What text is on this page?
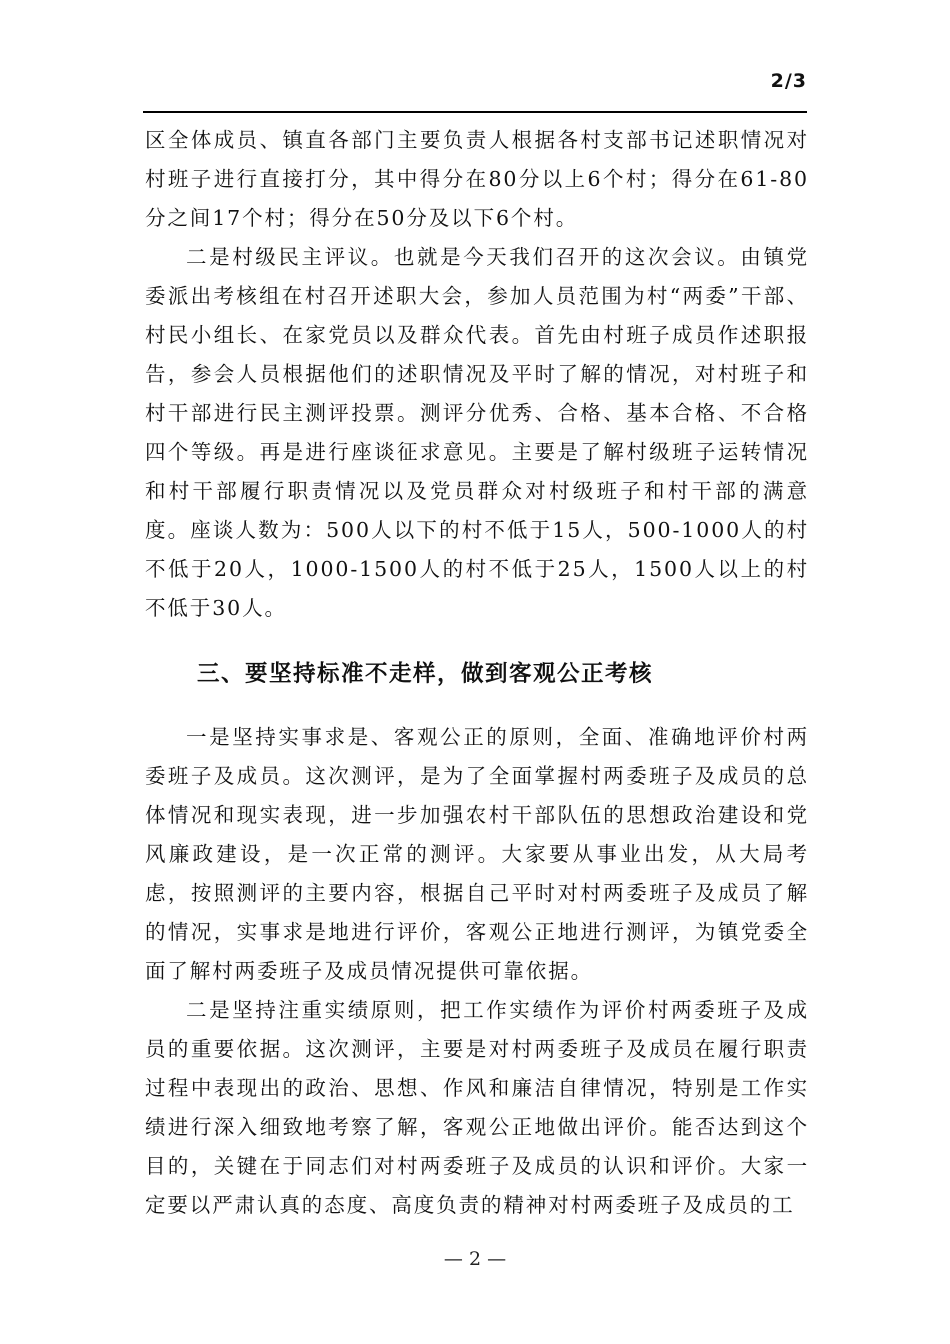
2/3

区全体成员、镇直各部门主要负责人根据各村支部书记述职情况对村班子进行直接打分，其中得分在80分以上6个村；得分在61-80分之间17个村；得分在50分及以下6个村。

二是村级民主评议。也就是今天我们召开的这次会议。由镇党委派出考核组在村召开述职大会，参加人员范围为村“两委”干部、村民小组长、在家党员以及群众代表。首先由村班子成员作述职报告，参会人员根据他们的述职情况及平时了解的情况，对村班子和村干部进行民主测评投票。测评分优秀、合格、基本合格、不合格四个等级。再是进行座谈征求意见。主要是了解村级班子运转情况和村干部履行职责情况以及党员群众对村级班子和村干部的满意度。座谈人数为：500人以下的村不低于15人，500-1000人的村不低于20人，1000-1500人的村不低于25人，1500人以上的村不低于30人。

三、要坚持标准不走样，做到客观公正考核

一是坚持实事求是、客观公正的原则，全面、准确地评价村两委班子及成员。这次测评，是为了全面掌握村两委班子及成员的总体情况和现实表现，进一步加强农村干部队伍的思想政治建设和党风廉政建设，是一次正常的测评。大家要从事业出发，从大局考虑，按照测评的主要内容，根据自己平时对村两委班子及成员了解的情况，实事求是地进行评价，客观公正地进行测评，为镇党委全面了解村两委班子及成员情况提供可靠依据。

二是坚持注重实绩原则，把工作实绩作为评价村两委班子及成员的重要依据。这次测评，主要是对村两委班子及成员在履行职责过程中表现出的政治、思想、作风和廉洁自律情况，特别是工作实绩进行深入细致地考察了解，客观公正地做出评价。能否达到这个目的，关键在于同志们对村两委班子及成员的认识和评价。大家一定要以严肃认真的态度、高度负责的精神对村两委班子及成员的工

— 2 —
